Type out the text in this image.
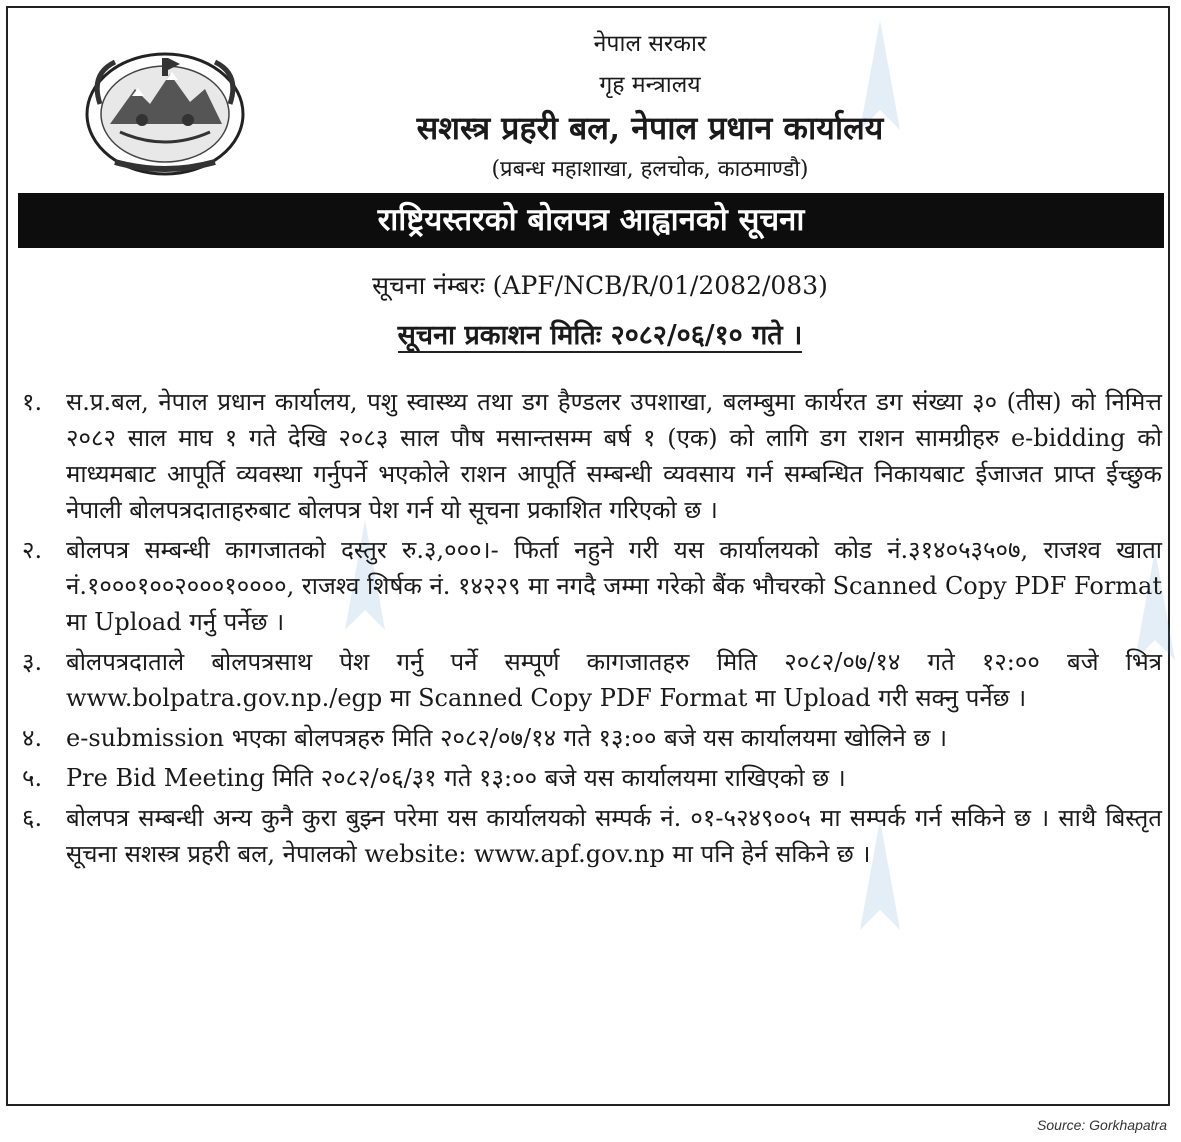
नेपाल सरकार
गृह मन्त्रालय
सशस्त्र प्रहरी बल, नेपाल प्रधान कार्यालय
(प्रबन्ध महाशाखा, हलचोक, काठमाण्डौ)
राष्ट्रियस्तरको बोलपत्र आह्वानको सूचना
सूचना नंम्बरः (APF/NCB/R/01/2082/083)
सूचना प्रकाशन मितिः २०८२/०६/१० गते ।
१. स.प्र.बल, नेपाल प्रधान कार्यालय, पशु स्वास्थ्य तथा डग हैण्डलर उपशाखा, बलम्बुमा कार्यरत डग संख्या ३० (तीस) को निमित्त २०८२ साल माघ १ गते देखि २०८३ साल पौष मसान्तसम्म बर्ष १ (एक) को लागि डग राशन सामग्रीहरु e-bidding को माध्यमबाट आपूर्ति व्यवस्था गर्नुपर्ने भएकोले राशन आपूर्ति सम्बन्धी व्यवसाय गर्न सम्बन्धित निकायबाट ईजाजत प्राप्त ईच्छुक नेपाली बोलपत्रदाताहरुबाट बोलपत्र पेश गर्न यो सूचना प्रकाशित गरिएको छ ।
२. बोलपत्र सम्बन्धी कागजातको दस्तुर रु.३,०००।- फिर्ता नहुने गरी यस कार्यालयको कोड नं.३१४०५३५०७, राजश्व खाता नं.१०००१००२०००१००००, राजश्व शिर्षक नं. १४२२९ मा नगदै जम्मा गरेको बैंक भौचरको Scanned Copy PDF Format मा Upload गर्नु पर्नेछ ।
३. बोलपत्रदाताले बोलपत्रसाथ पेश गर्नु पर्ने सम्पूर्ण कागजातहरु मिति २०८२/०७/१४ गते १२:०० बजे भित्र www.bolpatra.gov.np./egp मा Scanned Copy PDF Format मा Upload गरी सक्नु पर्नेछ ।
४. e-submission भएका बोलपत्रहरु मिति २०८२/०७/१४ गते १३:०० बजे यस कार्यालयमा खोलिने छ ।
५. Pre Bid Meeting मिति २०८२/०६/३१ गते १३:०० बजे यस कार्यालयमा राखिएको छ ।
६. बोलपत्र सम्बन्धी अन्य कुनै कुरा बुझ्न परेमा यस कार्यालयको सम्पर्क नं. ०१-५२४९००५ मा सम्पर्क गर्न सकिने छ । साथै बिस्तृत सूचना सशस्त्र प्रहरी बल, नेपालको website: www.apf.gov.np मा पनि हेर्न सकिने छ ।
Source: Gorkhapatra
